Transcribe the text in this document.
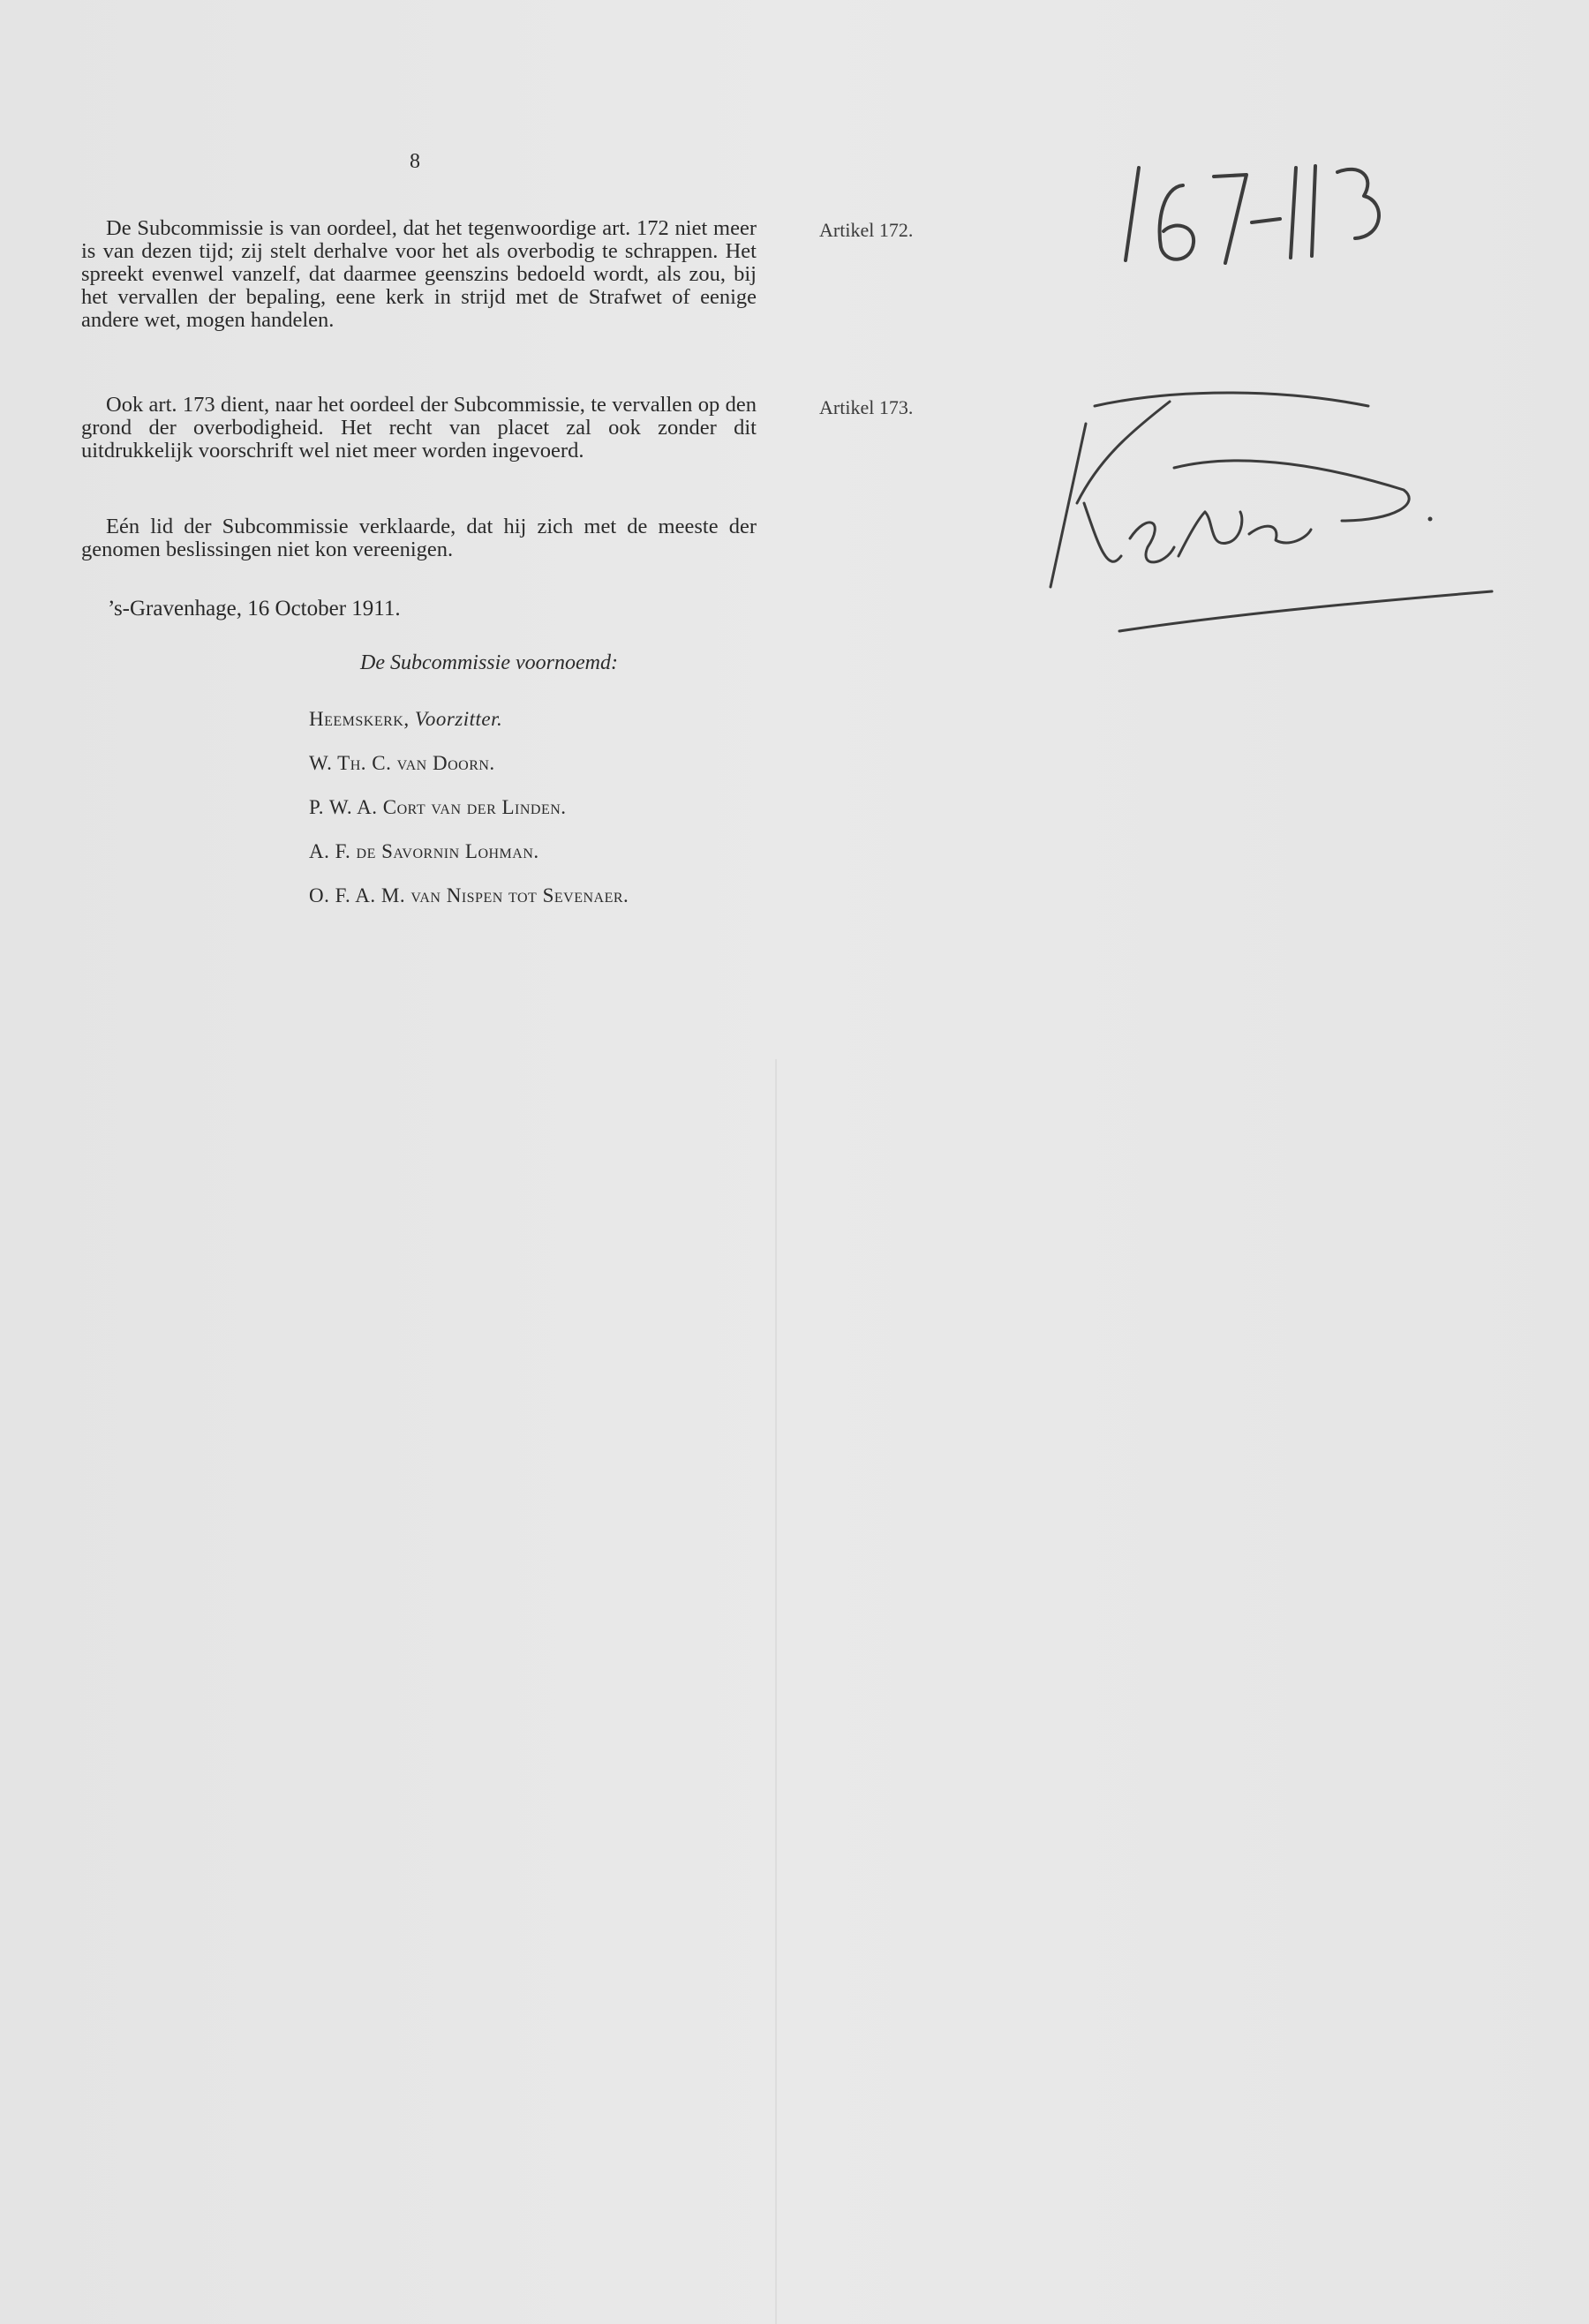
8

De Subcommissie is van oordeel, dat het tegenwoordige art. 172 niet meer is van dezen tijd; zij stelt derhalve voor het als overbodig te schrappen. Het spreekt evenwel vanzelf, dat daarmee geenszins bedoeld wordt, als zou, bij het vervallen der bepaling, eene kerk in strijd met de Strafwet of eenige andere wet, mogen handelen.

Artikel 172.

Ook art. 173 dient, naar het oordeel der Subcommissie, te vervallen op den grond der overbodigheid. Het recht van placet zal ook zonder dit uitdrukkelijk voorschrift wel niet meer worden ingevoerd.

Artikel 173.

Eén lid der Subcommissie verklaarde, dat hij zich met de meeste der genomen beslissingen niet kon vereenigen.

’s-Gravenhage, 16 October 1911.
De Subcommissie voornoemd:
Heemskerk, Voorzitter.
W. Th. C. van Doorn.
P. W. A. Cort van der Linden.
A. F. de Savornin Lohman.
O. F. A. M. van Nispen tot Sevenaer.
